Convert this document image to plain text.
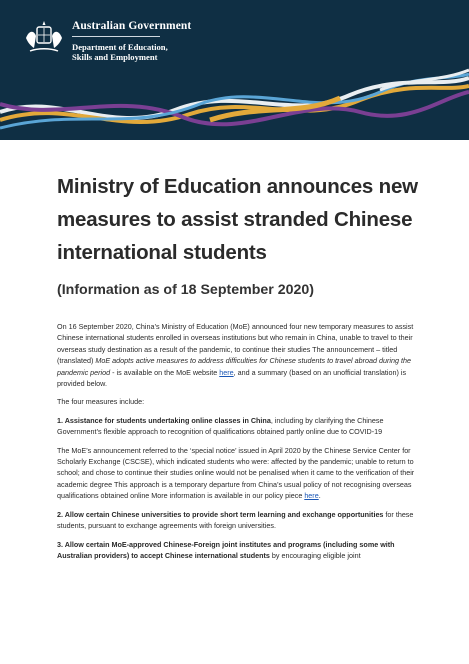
Australian Government
Department of Education,
Skills and Employment
Ministry of Education announces new measures to assist stranded Chinese international students
(Information as of 18 September 2020)

On 16 September 2020, China’s Ministry of Education (MoE) announced four new temporary measures to assist Chinese international students enrolled in overseas institutions but who remain in China, unable to travel to their overseas study destination as a result of the pandemic, to continue their studies The announcement – titled (translated) MoE adopts active measures to address difficulties for Chinese students to travel abroad during the pandemic period - is available on the MoE website here, and a summary (based on an unofficial translation) is provided below.

The four measures include:

1. Assistance for students undertaking online classes in China, including by clarifying the Chinese Government’s flexible approach to recognition of qualifications obtained partly online due to COVID-19

The MoE’s announcement referred to the ‘special notice’ issued in April 2020 by the Chinese Service Center for Scholarly Exchange (CSCSE), which indicated students who were: affected by the pandemic; unable to return to school; and chose to continue their studies online would not be penalised when it came to the verification of their academic degree This approach is a temporary departure from China’s usual policy of not recognising overseas qualifications obtained online More information is available in our policy piece here.

2. Allow certain Chinese universities to provide short term learning and exchange opportunities for these students, pursuant to exchange agreements with foreign universities.

3. Allow certain MoE-approved Chinese-Foreign joint institutes and programs (including some with Australian providers) to accept Chinese international students by encouraging eligible joint
